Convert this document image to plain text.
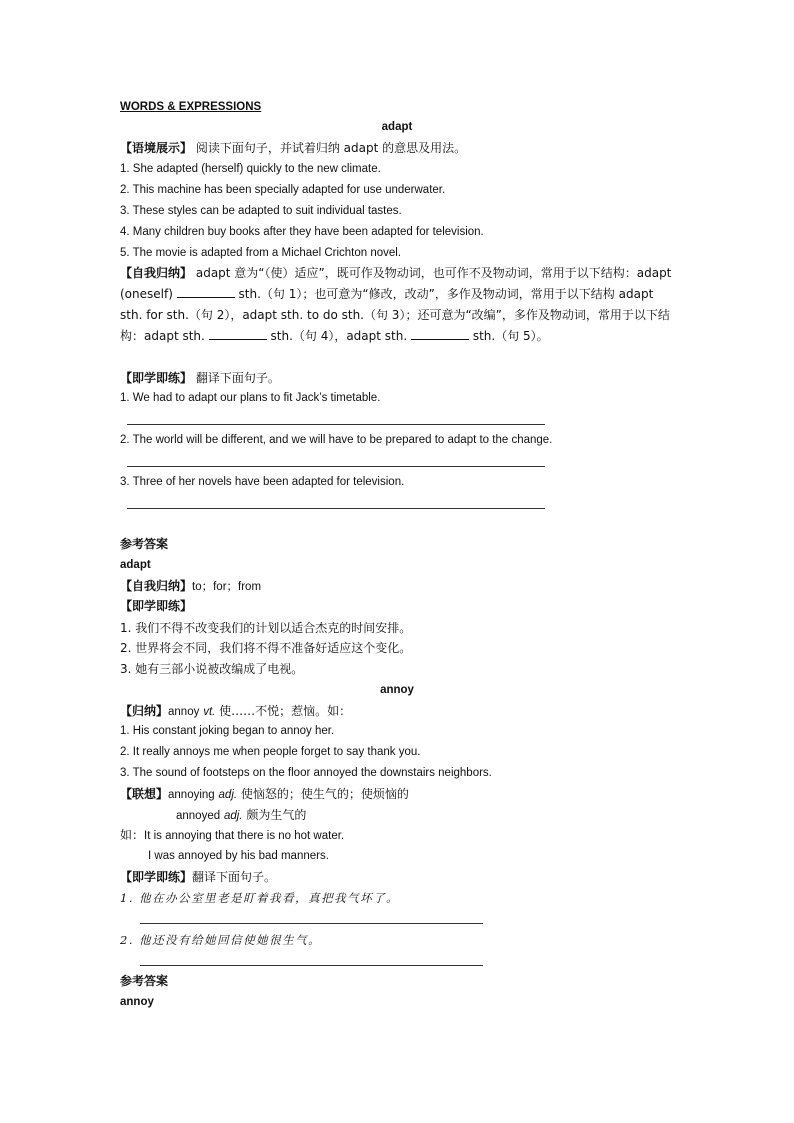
WORDS & EXPRESSIONS
adapt
【语境展示】 阅读下面句子，并试着归纳 adapt 的意思及用法。
1. She adapted (herself) quickly to the new climate.
2. This machine has been specially adapted for use underwater.
3. These styles can be adapted to suit individual tastes.
4. Many children buy books after they have been adapted for television.
5. The movie is adapted from a Michael Crichton novel.
【自我归纳】 adapt 意为“（使）适应”，既可作及物动词，也可作不及物动词，常用于以下结构：adapt (oneself)	sth.（句 1）；也可意为“修改，改动”，多作及物动词，常用于以下结构 adapt sth. for sth.（句 2），adapt sth. to do sth.（句 3）；还可意为“改编”，多作及物动词，常用于以下结构：adapt sth.	sth.（句 4），adapt sth.	sth.（句 5）。
【即学即练】 翻译下面句子。
1. We had to adapt our plans to fit Jack’s timetable.
2. The world will be different, and we will have to be prepared to adapt to the change.
3. Three of her novels have been adapted for television.
参考答案
adapt
【自我归纳】to；for；from
【即学即练】
1. 我们不得不改变我们的计划以适合杰克的时间安排。
2. 世界将会不同，我们将不得不准备好适应这个变化。
3. 她有三部小说被改编成了电视。
annoy
【归纳】annoy vt. 使……不悦；惹恼。如：
1. His constant joking began to annoy her.
2. It really annoys me when people forget to say thank you.
3. The sound of footsteps on the floor annoyed the downstairs neighbors.
【联想】annoying adj. 使恼怒的；使生气的；使烦恼的
annoyed adj. 颇为生气的
如：It is annoying that there is no hot water.
I was annoyed by his bad manners.
【即学即练】翻译下面句子。
1. 他在办公室里老是盯着我看，真把我气坏了。
2. 他还没有给她回信使她很生气。
参考答案
annoy
